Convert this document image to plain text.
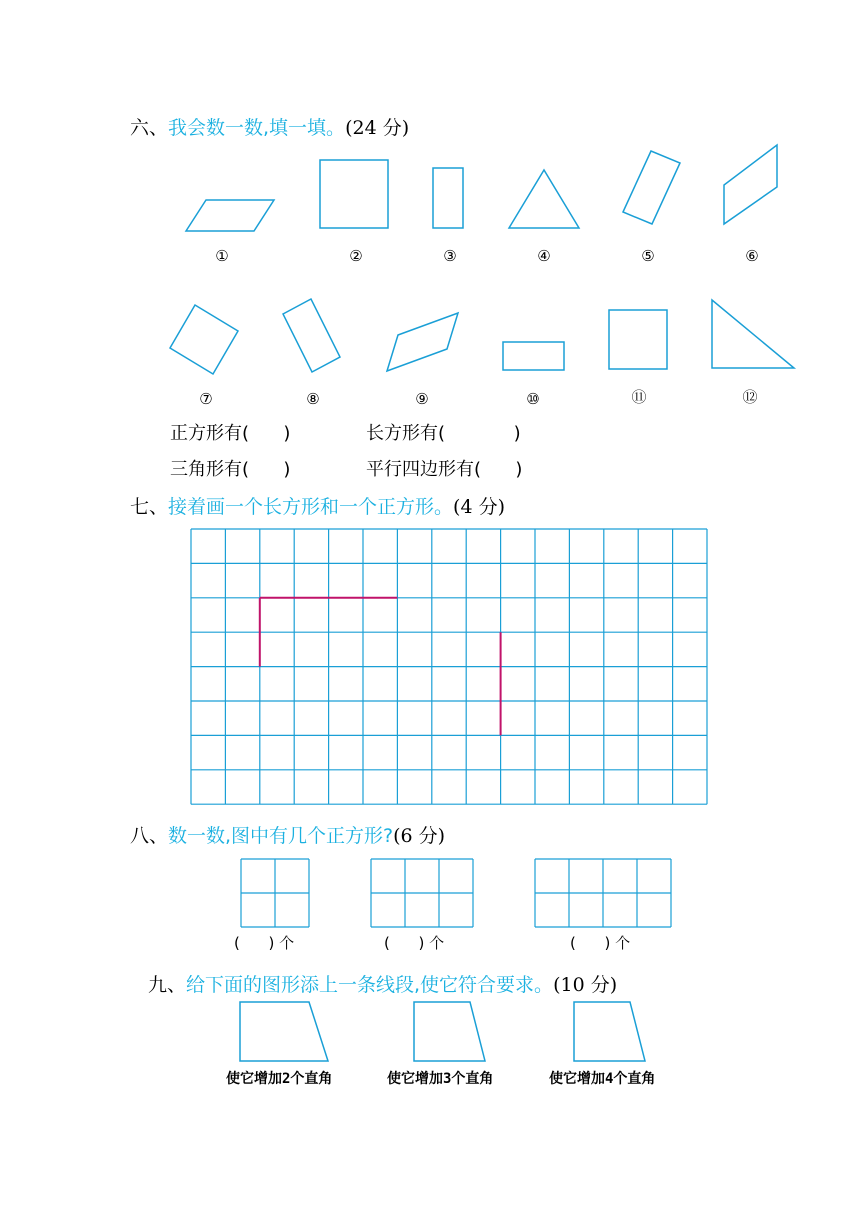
六、我会数一数,填一填。(24 分)
①	②	③	④	⑤	⑥
⑦	⑧	⑨	⑩	⑪	⑫
正方形有(      )	长方形有(            )
三角形有(      )	平行四边形有(      )
七、接着画一个长方形和一个正方形。(4 分)
八、数一数,图中有几个正方形?(6 分)
(      ) 个	(      ) 个	(      ) 个
九、给下面的图形添上一条线段,使它符合要求。(10 分)
使它增加2个直角	使它增加3个直角	使它增加4个直角
